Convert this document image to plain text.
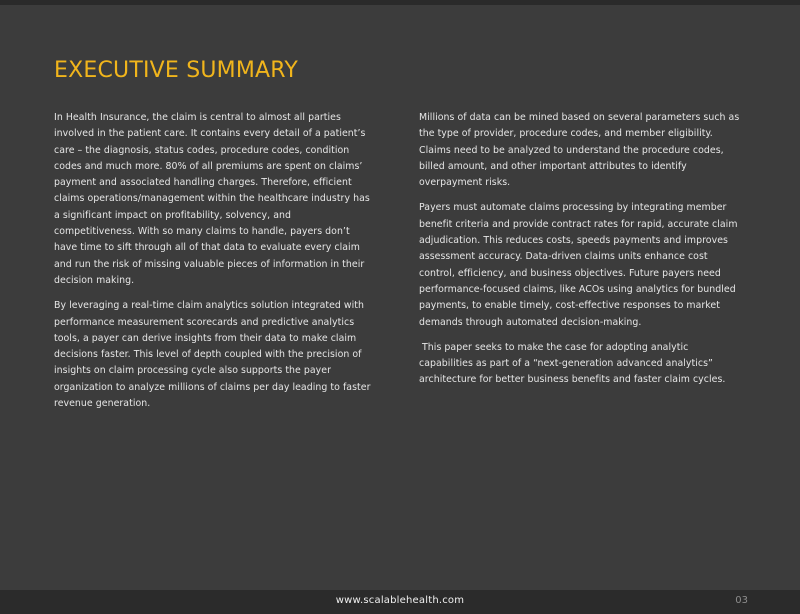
EXECUTIVE SUMMARY

In Health Insurance, the claim is central to almost all parties involved in the patient care. It contains every detail of a patient’s care – the diagnosis, status codes, procedure codes, condition codes and much more. 80% of all premiums are spent on claims’ payment and associated handling charges. Therefore, efficient claims operations/management within the healthcare industry has a significant impact on profitability, solvency, and competitiveness. With so many claims to handle, payers don’t have time to sift through all of that data to evaluate every claim and run the risk of missing valuable pieces of information in their decision making.

By leveraging a real-time claim analytics solution integrated with performance measurement scorecards and predictive analytics tools, a payer can derive insights from their data to make claim decisions faster. This level of depth coupled with the precision of insights on claim processing cycle also supports the payer organization to analyze millions of claims per day leading to faster revenue generation.

Millions of data can be mined based on several parameters such as the type of provider, procedure codes, and member eligibility. Claims need to be analyzed to understand the procedure codes, billed amount, and other important attributes to identify overpayment risks.

Payers must automate claims processing by integrating member benefit criteria and provide contract rates for rapid, accurate claim adjudication. This reduces costs, speeds payments and improves assessment accuracy. Data-driven claims units enhance cost control, efficiency, and business objectives. Future payers need performance-focused claims, like ACOs using analytics for bundled payments, to enable timely, cost-effective responses to market demands through automated decision-making.

This paper seeks to make the case for adopting analytic capabilities as part of a “next-generation advanced analytics” architecture for better business benefits and faster claim cycles.

www.scalablehealth.com	03
